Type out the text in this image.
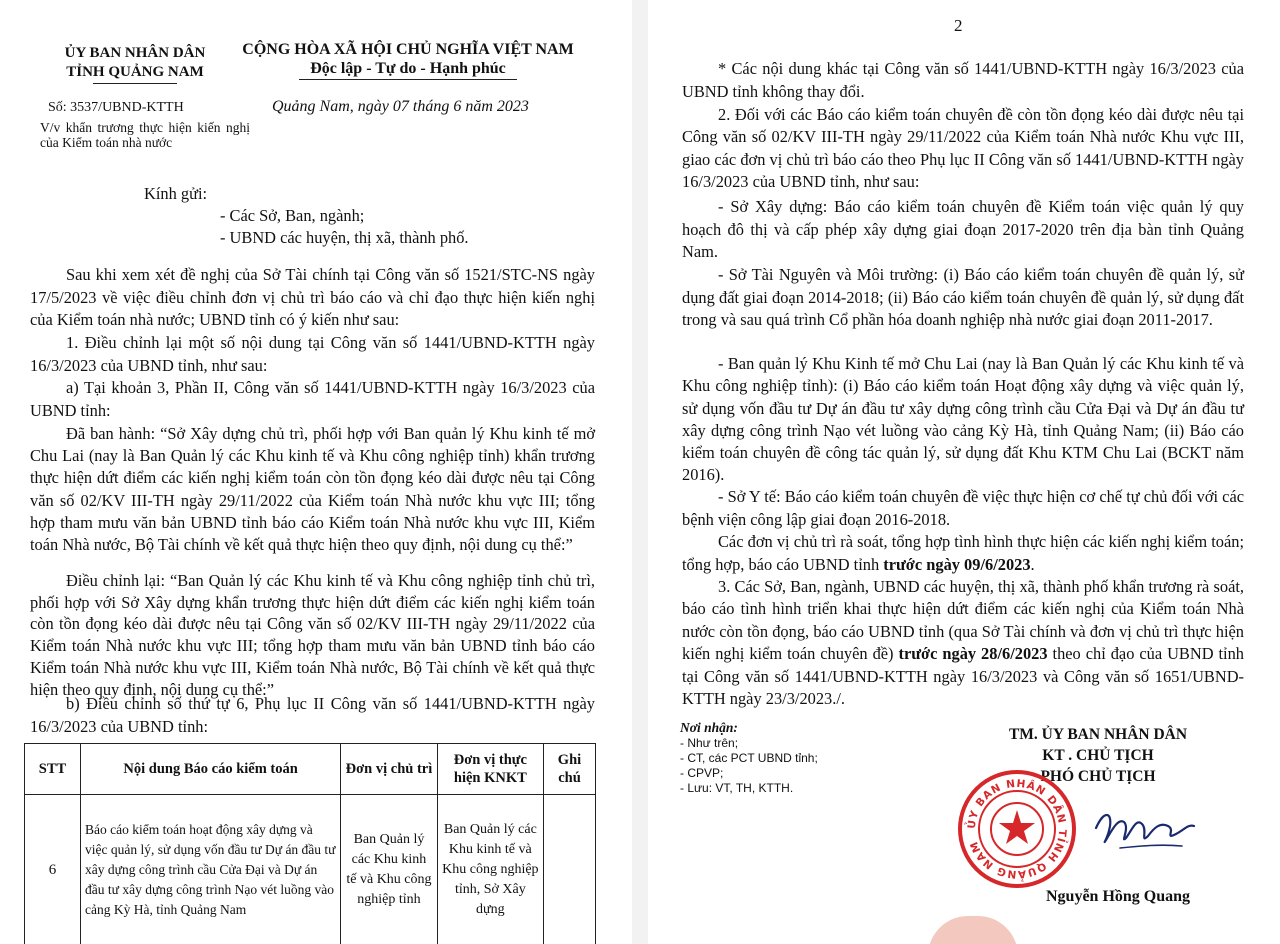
ỦY BAN NHÂN DÂN
TỈNH QUẢNG NAM
CỘNG HÒA XÃ HỘI CHỦ NGHĨA VIỆT NAM
Độc lập - Tự do - Hạnh phúc
Số: 3537/UBND-KTTH	Quảng Nam, ngày 07 tháng 6 năm 2023
V/v khẩn trương thực hiện kiến nghị của Kiểm toán nhà nước
Kính gửi:
- Các Sở, Ban, ngành;
- UBND các huyện, thị xã, thành phố.
Sau khi xem xét đề nghị của Sở Tài chính tại Công văn số 1521/STC-NS ngày 17/5/2023 về việc điều chỉnh đơn vị chủ trì báo cáo và chỉ đạo thực hiện kiến nghị của Kiểm toán nhà nước; UBND tỉnh có ý kiến như sau:
1. Điều chỉnh lại một số nội dung tại Công văn số 1441/UBND-KTTH ngày 16/3/2023 của UBND tỉnh, như sau:
a) Tại khoản 3, Phần II, Công văn số 1441/UBND-KTTH ngày 16/3/2023 của UBND tỉnh:
Đã ban hành: “Sở Xây dựng chủ trì, phối hợp với Ban quản lý Khu kinh tế mở Chu Lai (nay là Ban Quản lý các Khu kinh tế và Khu công nghiệp tỉnh) khẩn trương thực hiện dứt điểm các kiến nghị kiểm toán còn tồn đọng kéo dài được nêu tại Công văn số 02/KV III-TH ngày 29/11/2022 của Kiểm toán Nhà nước khu vực III; tổng hợp tham mưu văn bản UBND tỉnh báo cáo Kiểm toán Nhà nước khu vực III, Kiểm toán Nhà nước, Bộ Tài chính về kết quả thực hiện theo quy định, nội dung cụ thể:”
Điều chỉnh lại: “Ban Quản lý các Khu kinh tế và Khu công nghiệp tỉnh chủ trì, phối hợp với Sở Xây dựng khẩn trương thực hiện dứt điểm các kiến nghị kiểm toán còn tồn đọng kéo dài được nêu tại Công văn số 02/KV III-TH ngày 29/11/2022 của Kiểm toán Nhà nước khu vực III; tổng hợp tham mưu văn bản UBND tỉnh báo cáo Kiểm toán Nhà nước khu vực III, Kiểm toán Nhà nước, Bộ Tài chính về kết quả thực hiện theo quy định, nội dung cụ thể:”
b) Điều chỉnh số thứ tự 6, Phụ lục II Công văn số 1441/UBND-KTTH ngày 16/3/2023 của UBND tỉnh:
STT	Nội dung Báo cáo kiểm toán	Đơn vị chủ trì	Đơn vị thực hiện KNKT	Ghi chú
6	Báo cáo kiểm toán hoạt động xây dựng và việc quản lý, sử dụng vốn đầu tư Dự án đầu tư xây dựng công trình cầu Cửa Đại và Dự án đầu tư xây dựng công trình Nạo vét luồng vào cảng Kỳ Hà, tỉnh Quảng Nam	Ban Quản lý các Khu kinh tế và Khu công nghiệp tỉnh	Ban Quản lý các Khu kinh tế và Khu công nghiệp tỉnh, Sở Xây dựng	
2
* Các nội dung khác tại Công văn số 1441/UBND-KTTH ngày 16/3/2023 của UBND tỉnh không thay đổi.
2. Đối với các Báo cáo kiểm toán chuyên đề còn tồn đọng kéo dài được nêu tại Công văn số 02/KV III-TH ngày 29/11/2022 của Kiểm toán Nhà nước Khu vực III, giao các đơn vị chủ trì báo cáo theo Phụ lục II Công văn số 1441/UBND-KTTH ngày 16/3/2023 của UBND tỉnh, như sau:
- Sở Xây dựng: Báo cáo kiểm toán chuyên đề Kiểm toán việc quản lý quy hoạch đô thị và cấp phép xây dựng giai đoạn 2017-2020 trên địa bàn tỉnh Quảng Nam.
- Sở Tài Nguyên và Môi trường: (i) Báo cáo kiểm toán chuyên đề quản lý, sử dụng đất giai đoạn 2014-2018; (ii) Báo cáo kiểm toán chuyên đề quản lý, sử dụng đất trong và sau quá trình Cổ phần hóa doanh nghiệp nhà nước giai đoạn 2011-2017.
- Ban quản lý Khu Kinh tế mở Chu Lai (nay là Ban Quản lý các Khu kinh tế và Khu công nghiệp tỉnh): (i) Báo cáo kiểm toán Hoạt động xây dựng và việc quản lý, sử dụng vốn đầu tư Dự án đầu tư xây dựng công trình cầu Cửa Đại và Dự án đầu tư xây dựng công trình Nạo vét luồng vào cảng Kỳ Hà, tỉnh Quảng Nam; (ii) Báo cáo kiểm toán chuyên đề công tác quản lý, sử dụng đất Khu KTM Chu Lai (BCKT năm 2016).
- Sở Y tế: Báo cáo kiểm toán chuyên đề việc thực hiện cơ chế tự chủ đối với các bệnh viện công lập giai đoạn 2016-2018.
Các đơn vị chủ trì rà soát, tổng hợp tình hình thực hiện các kiến nghị kiểm toán; tổng hợp, báo cáo UBND tỉnh trước ngày 09/6/2023.
3. Các Sở, Ban, ngành, UBND các huyện, thị xã, thành phố khẩn trương rà soát, báo cáo tình hình triển khai thực hiện dứt điểm các kiến nghị của Kiểm toán Nhà nước còn tồn đọng, báo cáo UBND tỉnh (qua Sở Tài chính và đơn vị chủ trì thực hiện kiến nghị kiểm toán chuyên đề) trước ngày 28/6/2023 theo chỉ đạo của UBND tỉnh tại Công văn số 1441/UBND-KTTH ngày 16/3/2023 và Công văn số 1651/UBND-KTTH ngày 23/3/2023./.
Nơi nhận:
- Như trên;
- CT, các PCT UBND tỉnh;
- CPVP;
- Lưu: VT, TH, KTTH.
TM. ỦY BAN NHÂN DÂN
KT . CHỦ TỊCH
PHÓ CHỦ TỊCH
Nguyễn Hồng Quang
ỦY BAN NHÂN DÂN TỈNH QUẢNG NAM
